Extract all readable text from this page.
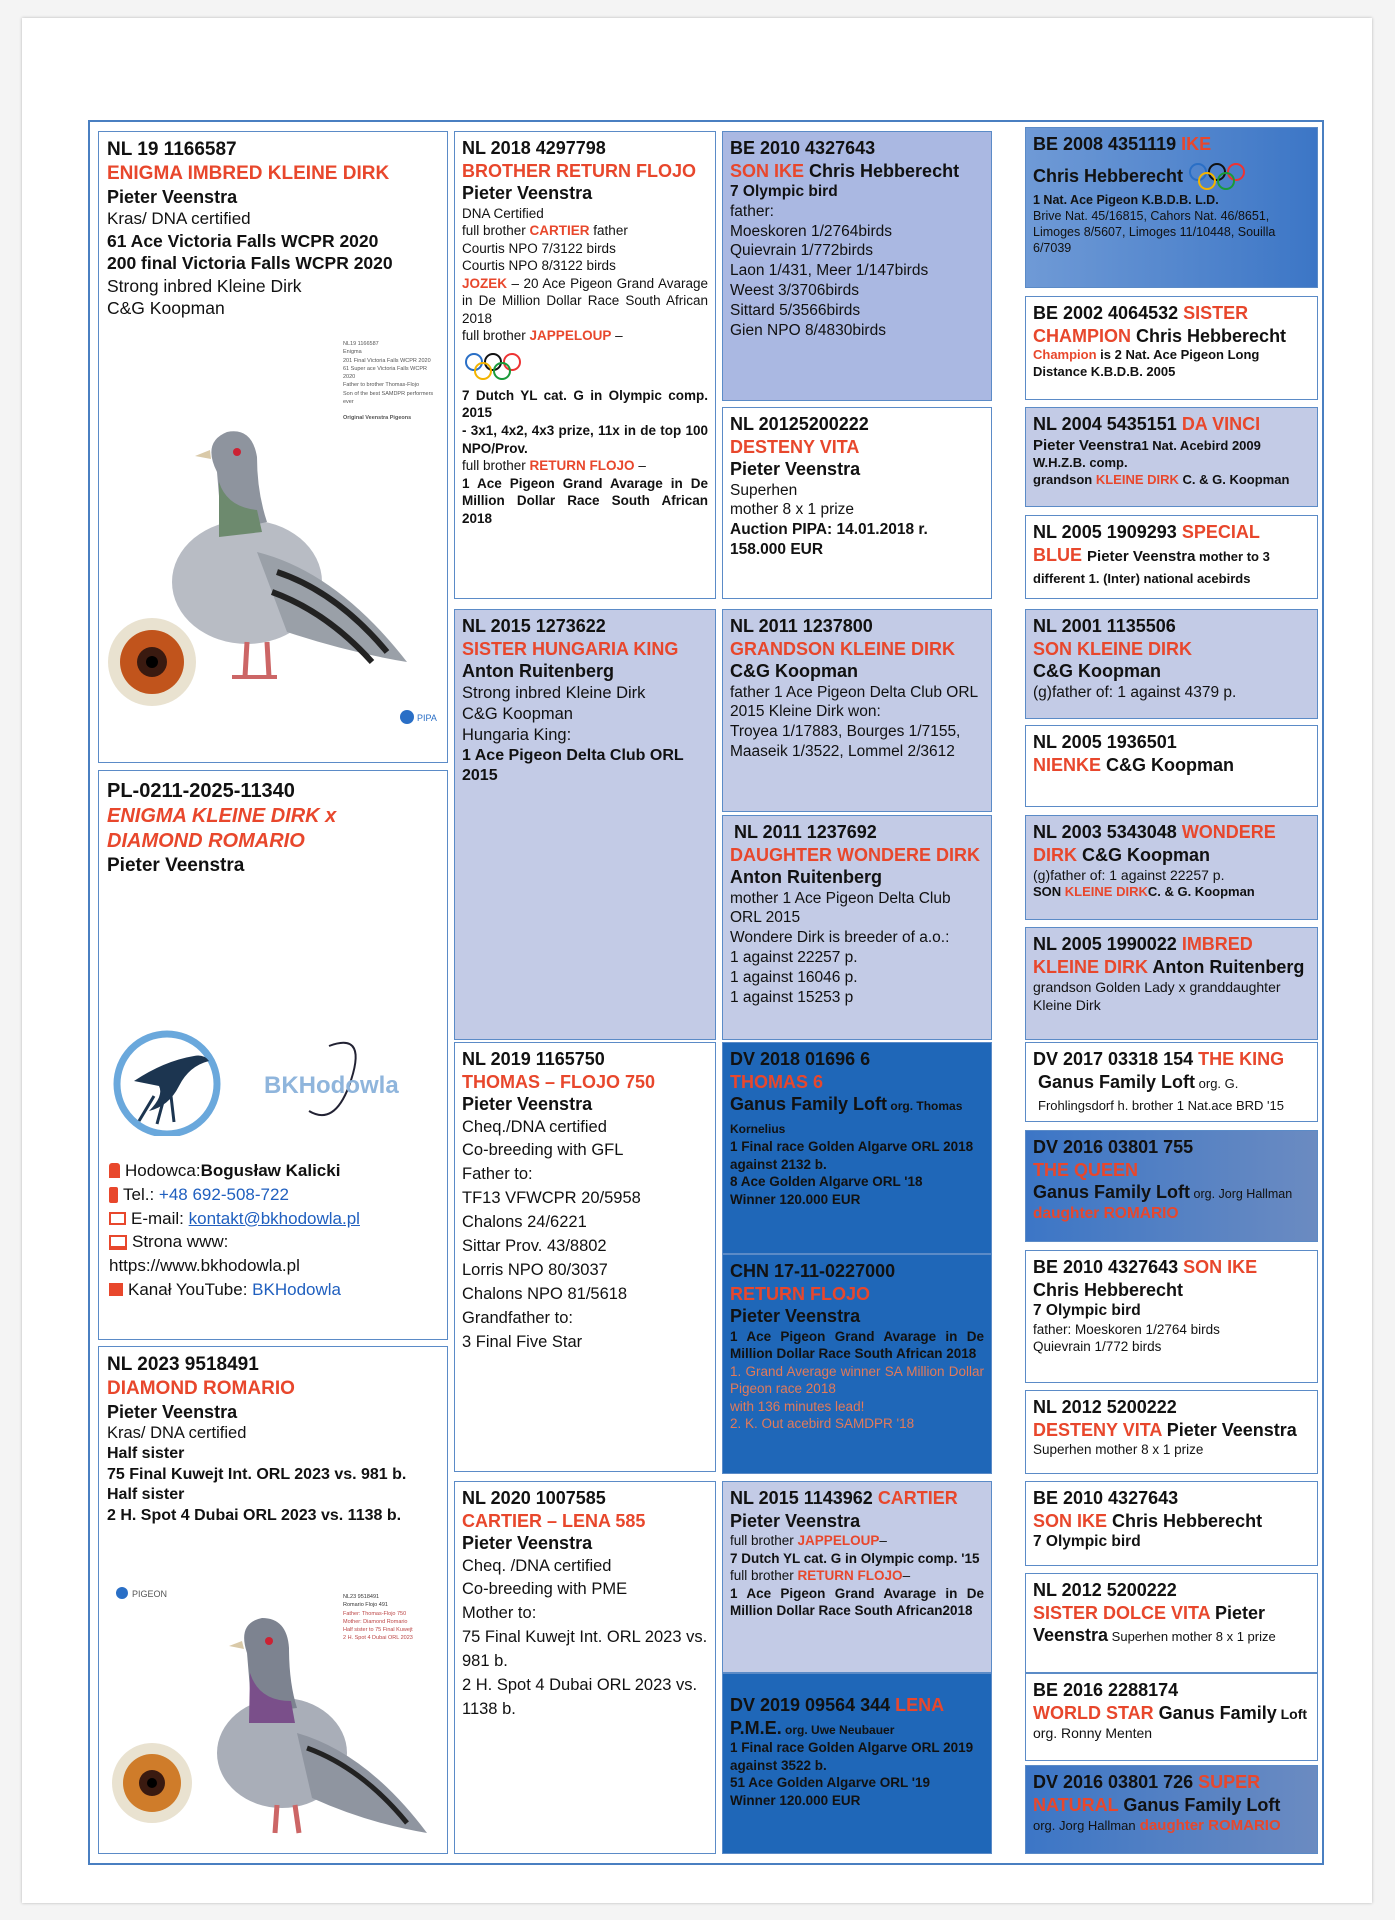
NL 19 1166587
ENIGMA IMBRED KLEINE DIRK
Pieter Veenstra
Kras/ DNA certified
61 Ace Victoria Falls WCPR 2020
200 final Victoria Falls WCPR 2020
Strong inbred Kleine Dirk
C&G Koopman
PIPA
NL19 1166587
Enigma
201 Final Victoria Falls WCPR 2020
61 Super ace Victoria Falls WCPR 2020
Father to brother Thomas-Flojo
Son of the best SAMDPR performers ever
Original Veenstra Pigeons
PL-0211-2025-11340
ENIGMA KLEINE DIRK x
DIAMOND ROMARIO
Pieter Veenstra
BKHodowla
Hodowca: Bogusław Kalicki
Tel.:
+48 692-508-722
E-mail:
kontakt@bkhodowla.pl
Strona www:
https://www.bkhodowla.pl
Kanał YouTube:
BKHodowla
NL 2023 9518491
DIAMOND ROMARIO
Pieter Veenstra
Kras/ DNA certified
Half sister
75 Final Kuwejt Int. ORL 2023 vs. 981 b.
Half sister
2 H. Spot 4 Dubai ORL 2023 vs. 1138 b.
PIGEON	NL23 9518491
Romario Flojo 491
Father: Thomas-Flojo 750
Mother: Diamond Romario
Half sister to 75 Final Kuwejt
2 H. Spot 4 Dubai ORL 2023
NL 2018 4297798
BROTHER RETURN FLOJO
Pieter Veenstra
DNA Certified
full brother CARTIER father
Courtis NPO 7/3122 birds
Courtis NPO 8/3122 birds
JOZEK – 20 Ace Pigeon Grand Avarage in De Million Dollar Race South African 2018
full brother JAPPELOUP –
7 Dutch YL cat. G in Olympic comp. 2015
- 3x1, 4x2, 4x3 prize, 11x in de top 100 NPO/Prov.
full brother RETURN FLOJO –
1 Ace Pigeon Grand Avarage in De Million Dollar Race South African 2018
NL 2015 1273622
SISTER HUNGARIA KING
Anton Ruitenberg
Strong inbred Kleine Dirk
C&G Koopman
Hungaria King:
1 Ace Pigeon Delta Club ORL 2015
NL 2019 1165750
THOMAS – FLOJO 750
Pieter Veenstra
Cheq./DNA certified
Co-breeding with GFL
Father to:
TF13 VFWCPR 20/5958
Chalons 24/6221
Sittar Prov. 43/8802
Lorris NPO 80/3037
Chalons NPO 81/5618
Grandfather to:
3 Final Five Star
NL 2020 1007585
CARTIER – LENA 585
Pieter Veenstra
Cheq. /DNA certified
Co-breeding with PME
Mother to:
75 Final Kuwejt Int. ORL 2023 vs. 981 b.
2 H. Spot 4 Dubai ORL 2023 vs. 1138 b.
BE 2010 4327643
SON IKE Chris Hebberecht
7 Olympic bird
father:
Moeskoren 1/2764birds
Quievrain 1/772birds
Laon 1/431, Meer 1/147birds
Weest 3/3706birds
Sittard 5/3566birds
Gien NPO 8/4830birds
NL 20125200222
DESTENY VITA
Pieter Veenstra
Superhen
mother 8 x 1 prize
Auction PIPA: 14.01.2018 r. 158.000 EUR
NL 2011 1237800
GRANDSON KLEINE DIRK
C&G Koopman
father 1 Ace Pigeon Delta Club ORL 2015 Kleine Dirk won:
Troyea 1/17883, Bourges 1/7155, Maaseik 1/3522, Lommel 2/3612
NL 2011 1237692
DAUGHTER WONDERE DIRK
Anton Ruitenberg
mother 1 Ace Pigeon Delta Club ORL 2015
Wondere Dirk is breeder of a.o.:
1 against 22257 p.
1 against 16046 p.
1 against 15253 p
DV 2018 01696 6
THOMAS 6
Ganus Family Loft org. Thomas Kornelius
1 Final race Golden Algarve ORL 2018 against 2132 b.
8 Ace Golden Algarve ORL '18
Winner 120.000 EUR
CHN 17-11-0227000
RETURN FLOJO
Pieter Veenstra
1 Ace Pigeon Grand Avarage in De Million Dollar Race South African 2018
1. Grand Average winner SA Million Dollar Pigeon race 2018
with 136 minutes lead!
2. K. Out acebird SAMDPR '18
NL 2015 1143962 CARTIER
Pieter Veenstra
full brother JAPPELOUP–
7 Dutch YL cat. G in Olympic comp. '15
full brother RETURN FLOJO–
1 Ace Pigeon Grand Avarage in De Million Dollar Race South African2018
DV 2019 09564 344 LENA
P.M.E. org. Uwe Neubauer
1 Final race Golden Algarve ORL 2019 against 3522 b.
51 Ace Golden Algarve ORL '19
Winner 120.000 EUR
BE 2008 4351119 IKE
Chris Hebberecht
1 Nat. Ace Pigeon K.B.D.B. L.D.
Brive Nat. 45/16815, Cahors Nat. 46/8651, Limoges 8/5607, Limoges 11/10448, Souilla 6/7039
BE 2002 4064532 SISTER CHAMPION Chris Hebberecht
Champion is 2 Nat. Ace Pigeon Long Distance K.B.D.B. 2005
NL 2004 5435151 DA VINCI
Pieter Veenstra1 Nat. Acebird 2009 W.H.Z.B. comp.
grandson KLEINE DIRK C. & G. Koopman
NL 2005 1909293 SPECIAL BLUE Pieter Veenstra mother to 3 different 1. (Inter) national acebirds
NL 2001 1135506
SON KLEINE DIRK
C&G Koopman
(g)father of: 1 against 4379 p.
NL 2005 1936501
NIENKE C&G Koopman
NL 2003 5343048 WONDERE DIRK C&G Koopman
(g)father of: 1 against 22257 p.
SON KLEINE DIRKC. & G. Koopman
NL 2005 1990022 IMBRED KLEINE DIRK Anton Ruitenberg
grandson Golden Lady x granddaughter Kleine Dirk
DV 2017 03318 154 THE KING
Ganus Family Loft org. G. Frohlingsdorf h. brother 1 Nat.ace BRD '15
DV 2016 03801 755
THE QUEEN
Ganus Family Loft org. Jorg Hallman
daughter ROMARIO
BE 2010 4327643 SON IKE
Chris Hebberecht
7 Olympic bird
father: Moeskoren 1/2764 birds
Quievrain 1/772 birds
NL 2012 5200222
DESTENY VITA Pieter Veenstra
Superhen mother 8 x 1 prize
BE 2010 4327643
SON IKE Chris Hebberecht
7 Olympic bird
NL 2012 5200222
SISTER DOLCE VITA Pieter Veenstra Superhen mother 8 x 1 prize
BE 2016 2288174
WORLD STAR Ganus Family Loft
org. Ronny Menten
DV 2016 03801 726 SUPER NATURAL Ganus Family Loft
org. Jorg Hallman daughter ROMARIO
